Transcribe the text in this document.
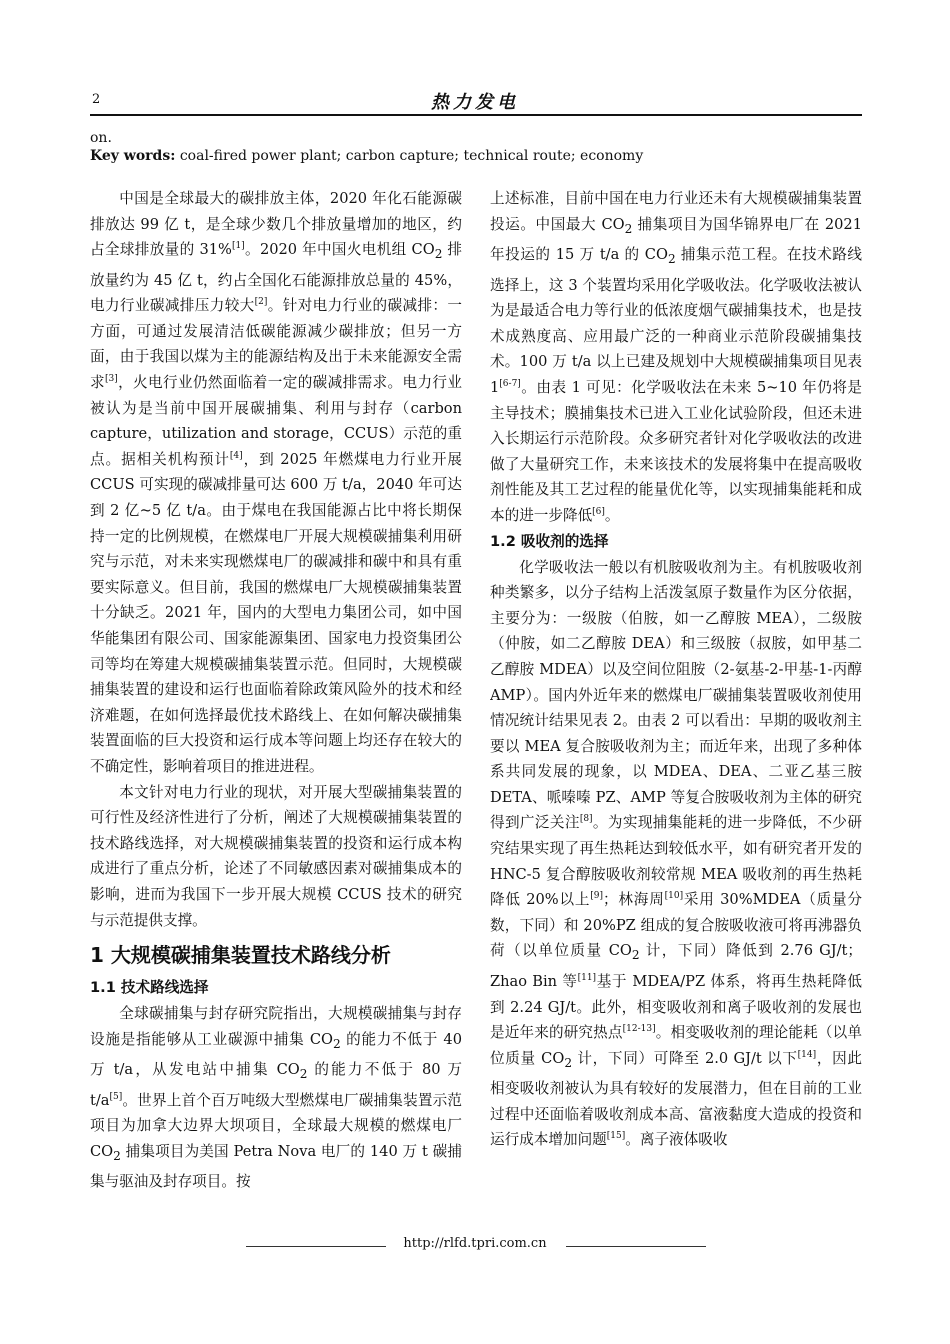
2	热力发电
on.
Key words: coal-fired power plant; carbon capture; technical route; economy

中国是全球最大的碳排放主体，2020 年化石能源碳排放达 99 亿 t，是全球少数几个排放量增加的地区，约占全球排放量的 31%[1]。2020 年中国火电机组 $CO_2$ 排放量约为 45 亿 t，约占全国化石能源排放总量的 45%，电力行业碳减排压力较大[2]。针对电力行业的碳减排：一方面，可通过发展清洁低碳能源减少碳排放；但另一方面，由于我国以煤为主的能源结构及出于未来能源安全需求[3]，火电行业仍然面临着一定的碳减排需求。电力行业被认为是当前中国开展碳捕集、利用与封存（carbon capture，utilization and storage，CCUS）示范的重点。据相关机构预计[4]，到 2025 年燃煤电力行业开展 CCUS 可实现的碳减排量可达 600 万 t/a，2040 年可达到 2 亿~5 亿 t/a。由于煤电在我国能源占比中将长期保持一定的比例规模，在燃煤电厂开展大规模碳捕集利用研究与示范，对未来实现燃煤电厂的碳减排和碳中和具有重要实际意义。但目前，我国的燃煤电厂大规模碳捕集装置十分缺乏。2021 年，国内的大型电力集团公司，如中国华能集团有限公司、国家能源集团、国家电力投资集团公司等均在筹建大规模碳捕集装置示范。但同时，大规模碳捕集装置的建设和运行也面临着除政策风险外的技术和经济难题，在如何选择最优技术路线上、在如何解决碳捕集装置面临的巨大投资和运行成本等问题上均还存在较大的不确定性，影响着项目的推进进程。

本文针对电力行业的现状，对开展大型碳捕集装置的可行性及经济性进行了分析，阐述了大规模碳捕集装置的技术路线选择，对大规模碳捕集装置的投资和运行成本构成进行了重点分析，论述了不同敏感因素对碳捕集成本的影响，进而为我国下一步开展大规模 CCUS 技术的研究与示范提供支撑。

1 大规模碳捕集装置技术路线分析
1.1 技术路线选择

全球碳捕集与封存研究院指出，大规模碳捕集与封存设施是指能够从工业碳源中捕集 $CO_2$ 的能力不低于 40 万 t/a，从发电站中捕集 $CO_2$ 的能力不低于 80 万 t/a[5]。世界上首个百万吨级大型燃煤电厂碳捕集装置示范项目为加拿大边界大坝项目，全球最大规模的燃煤电厂 $CO_2$ 捕集项目为美国 Petra Nova 电厂的 140 万 t 碳捕集与驱油及封存项目。按

上述标准，目前中国在电力行业还未有大规模碳捕集装置投运。中国最大 $CO_2$ 捕集项目为国华锦界电厂在 2021 年投运的 15 万 t/a 的 $CO_2$ 捕集示范工程。在技术路线选择上，这 3 个装置均采用化学吸收法。化学吸收法被认为是最适合电力等行业的低浓度烟气碳捕集技术，也是技术成熟度高、应用最广泛的一种商业示范阶段碳捕集技术。100 万 t/a 以上已建及规划中大规模碳捕集项目见表 1[6-7]。由表 1 可见：化学吸收法在未来 5~10 年仍将是主导技术；膜捕集技术已进入工业化试验阶段，但还未进入长期运行示范阶段。众多研究者针对化学吸收法的改进做了大量研究工作，未来该技术的发展将集中在提高吸收剂性能及其工艺过程的能量优化等，以实现捕集能耗和成本的进一步降低[6]。

1.2 吸收剂的选择

化学吸收法一般以有机胺吸收剂为主。有机胺吸收剂种类繁多，以分子结构上活泼氢原子数量作为区分依据，主要分为：一级胺（伯胺，如一乙醇胺 MEA），二级胺（仲胺，如二乙醇胺 DEA）和三级胺（叔胺，如甲基二乙醇胺 MDEA）以及空间位阻胺（2-氨基-2-甲基-1-丙醇 AMP）。国内外近年来的燃煤电厂碳捕集装置吸收剂使用情况统计结果见表 2。由表 2 可以看出：早期的吸收剂主要以 MEA 复合胺吸收剂为主；而近年来，出现了多种体系共同发展的现象，以 MDEA、DEA、二亚乙基三胺 DETA、哌嗪嗪 PZ、AMP 等复合胺吸收剂为主体的研究得到广泛关注[8]。为实现捕集能耗的进一步降低，不少研究结果实现了再生热耗达到较低水平，如有研究者开发的 HNC-5 复合醇胺吸收剂较常规 MEA 吸收剂的再生热耗降低 20%以上[9]；林海周[10]采用 30%MDEA（质量分数，下同）和 20%PZ 组成的复合胺吸收液可将再沸器负荷（以单位质量 $CO_2$ 计，下同）降低到 2.76 GJ/t；Zhao Bin 等[11]基于 MDEA/PZ 体系，将再生热耗降低到 2.24 GJ/t。此外，相变吸收剂和离子吸收剂的发展也是近年来的研究热点[12-13]。相变吸收剂的理论能耗（以单位质量 $CO_2$ 计，下同）可降至 2.0 GJ/t 以下[14]，因此相变吸收剂被认为具有较好的发展潜力，但在目前的工业过程中还面临着吸收剂成本高、富液黏度大造成的投资和运行成本增加问题[15]。离子液体吸收

http://rlfd.tpri.com.cn
